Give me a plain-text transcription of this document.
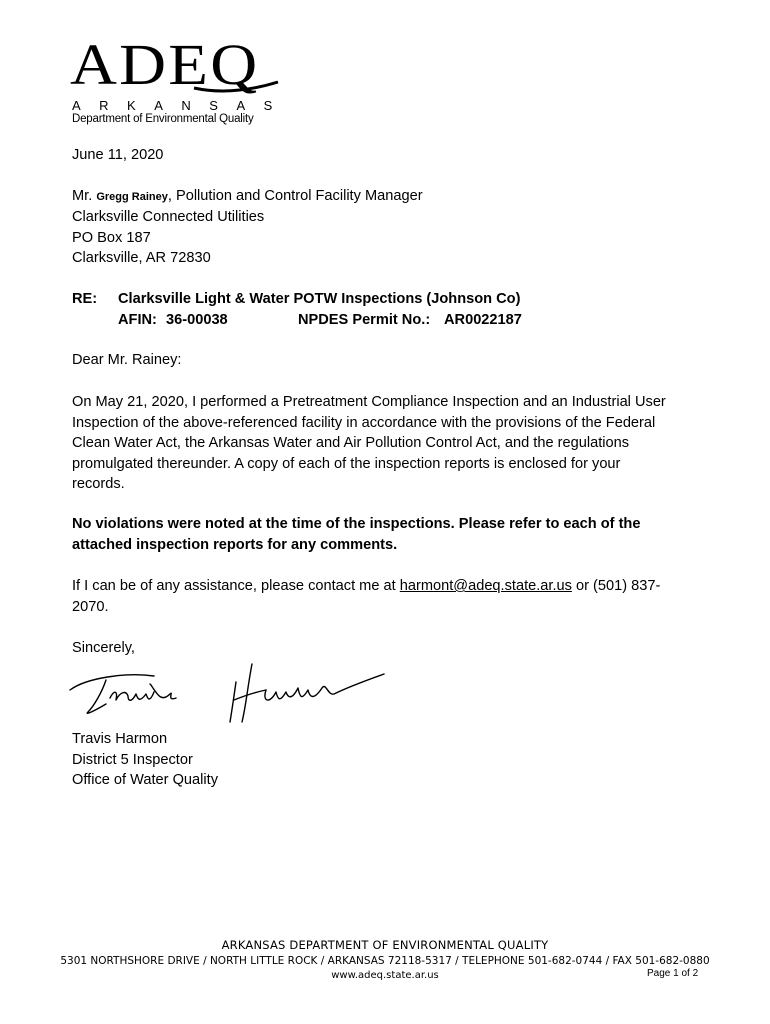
ADEQ
ARKANSAS
Department of Environmental Quality
June 11, 2020
Mr. Gregg Rainey, Pollution and Control Facility Manager
Clarksville Connected Utilities
PO Box 187
Clarksville, AR 72830
RE: Clarksville Light & Water POTW Inspections (Johnson Co)
AFIN: 36-00038	NPDES Permit No.: AR0022187
Dear Mr. Rainey:
On May 21, 2020, I performed a Pretreatment Compliance Inspection and an Industrial User
Inspection of the above-referenced facility in accordance with the provisions of the Federal
Clean Water Act, the Arkansas Water and Air Pollution Control Act, and the regulations
promulgated thereunder. A copy of each of the inspection reports is enclosed for your
records.
No violations were noted at the time of the inspections. Please refer to each of the
attached inspection reports for any comments.
If I can be of any assistance, please contact me at harmont@adeq.state.ar.us or (501) 837-
2070.
Sincerely,
Travis Harmon
Travis Harmon
District 5 Inspector
Office of Water Quality
ARKANSAS DEPARTMENT OF ENVIRONMENTAL QUALITY
5301 NORTHSHORE DRIVE / NORTH LITTLE ROCK / ARKANSAS 72118-5317 / TELEPHONE 501-682-0744 / FAX 501-682-0880
www.adeq.state.ar.us	Page 1 of 2
